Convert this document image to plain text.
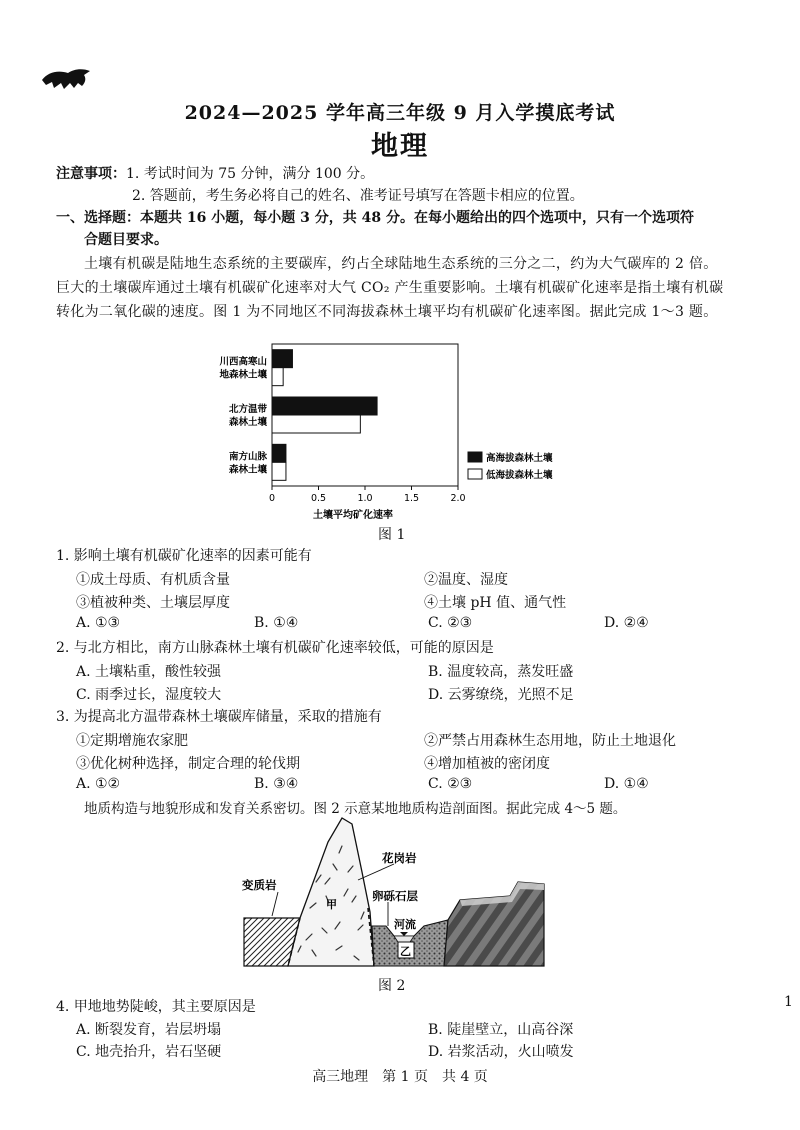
2024—2025 学年高三年级 9 月入学摸底考试
地理
注意事项：1. 考试时间为 75 分钟，满分 100 分。
2. 答题前，考生务必将自己的姓名、准考证号填写在答题卡相应的位置。
一、选择题：本题共 16 小题，每小题 3 分，共 48 分。在每小题给出的四个选项中，只有一个选项符
合题目要求。
土壤有机碳是陆地生态系统的主要碳库，约占全球陆地生态系统的三分之二，约为大气碳库的 2 倍。巨大的土壤碳库通过土壤有机碳矿化速率对大气 CO₂ 产生重要影响。土壤有机碳矿化速率是指土壤有机碳转化为二氧化碳的速度。图 1 为不同地区不同海拔森林土壤平均有机碳矿化速率图。据此完成 1～3 题。
0	0.5	1.0	1.5	2.0
土壤平均矿化速率
川西高寒山
地森林土壤
北方温带
森林土壤
南方山脉
森林土壤
高海拔森林土壤
低海拔森林土壤
图 1
1. 影响土壤有机碳矿化速率的因素可能有
①成土母质、有机质含量	②温度、湿度
③植被种类、土壤层厚度	④土壤 pH 值、通气性
A. ①③	B. ①④	C. ②③	D. ②④
2. 与北方相比，南方山脉森林土壤有机碳矿化速率较低，可能的原因是
A. 土壤粘重，酸性较强	B. 温度较高，蒸发旺盛
C. 雨季过长，湿度较大	D. 云雾缭绕，光照不足
3. 为提高北方温带森林土壤碳库储量，采取的措施有
①定期增施农家肥	②严禁占用森林生态用地，防止土地退化
③优化树种选择，制定合理的轮伐期	④增加植被的密闭度
A. ①②	B. ③④	C. ②③	D. ①④
地质构造与地貌形成和发育关系密切。图 2 示意某地地质构造剖面图。据此完成 4～5 题。
变质岩
花岗岩
甲
卵砾石层
河流
乙
图 2
4. 甲地地势陡峻，其主要原因是
A. 断裂发育，岩层坍塌	B. 陡崖壁立，山高谷深
C. 地壳抬升，岩石坚硬	D. 岩浆活动，火山喷发
1
高三地理　第 1 页　共 4 页
